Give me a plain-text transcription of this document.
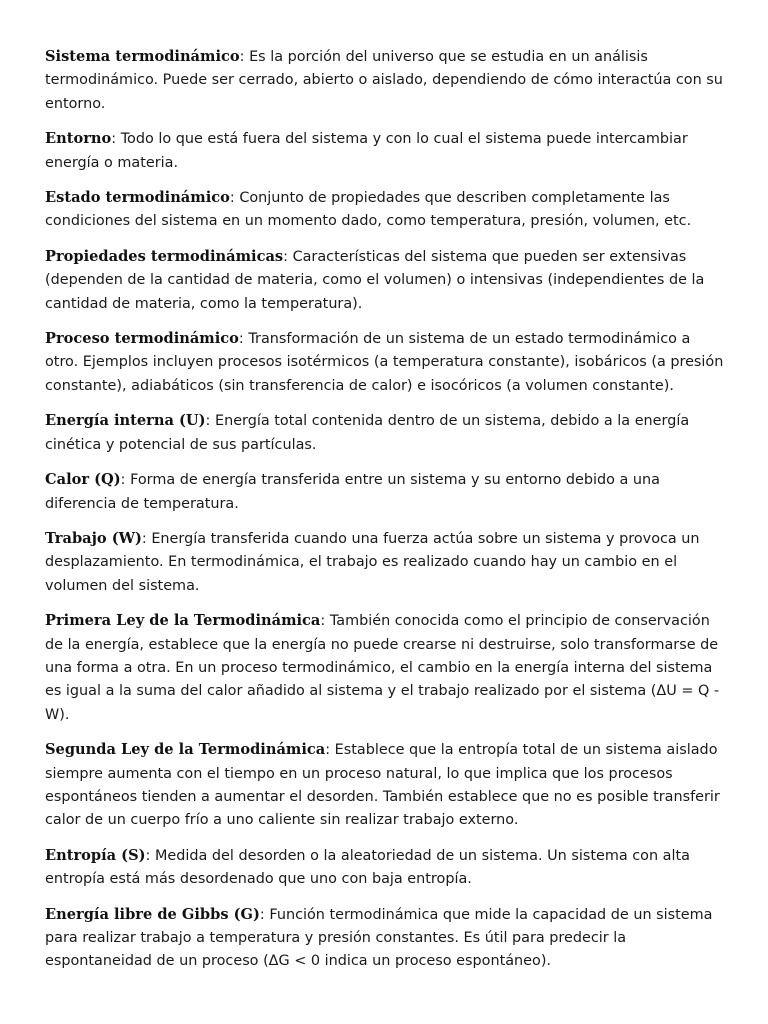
Sistema termodinámico: Es la porción del universo que se estudia en un análisis termodinámico. Puede ser cerrado, abierto o aislado, dependiendo de cómo interactúa con su entorno.

Entorno: Todo lo que está fuera del sistema y con lo cual el sistema puede intercambiar energía o materia.

Estado termodinámico: Conjunto de propiedades que describen completamente las condiciones del sistema en un momento dado, como temperatura, presión, volumen, etc.

Propiedades termodinámicas: Características del sistema que pueden ser extensivas (dependen de la cantidad de materia, como el volumen) o intensivas (independientes de la cantidad de materia, como la temperatura).

Proceso termodinámico: Transformación de un sistema de un estado termodinámico a otro. Ejemplos incluyen procesos isotérmicos (a temperatura constante), isobáricos (a presión constante), adiabáticos (sin transferencia de calor) e isocóricos (a volumen constante).

Energía interna (U): Energía total contenida dentro de un sistema, debido a la energía cinética y potencial de sus partículas.

Calor (Q): Forma de energía transferida entre un sistema y su entorno debido a una diferencia de temperatura.

Trabajo (W): Energía transferida cuando una fuerza actúa sobre un sistema y provoca un desplazamiento. En termodinámica, el trabajo es realizado cuando hay un cambio en el volumen del sistema.

Primera Ley de la Termodinámica: También conocida como el principio de conservación de la energía, establece que la energía no puede crearse ni destruirse, solo transformarse de una forma a otra. En un proceso termodinámico, el cambio en la energía interna del sistema es igual a la suma del calor añadido al sistema y el trabajo realizado por el sistema (ΔU = Q - W).

Segunda Ley de la Termodinámica: Establece que la entropía total de un sistema aislado siempre aumenta con el tiempo en un proceso natural, lo que implica que los procesos espontáneos tienden a aumentar el desorden. También establece que no es posible transferir calor de un cuerpo frío a uno caliente sin realizar trabajo externo.

Entropía (S): Medida del desorden o la aleatoriedad de un sistema. Un sistema con alta entropía está más desordenado que uno con baja entropía.

Energía libre de Gibbs (G): Función termodinámica que mide la capacidad de un sistema para realizar trabajo a temperatura y presión constantes. Es útil para predecir la espontaneidad de un proceso (ΔG < 0 indica un proceso espontáneo).
